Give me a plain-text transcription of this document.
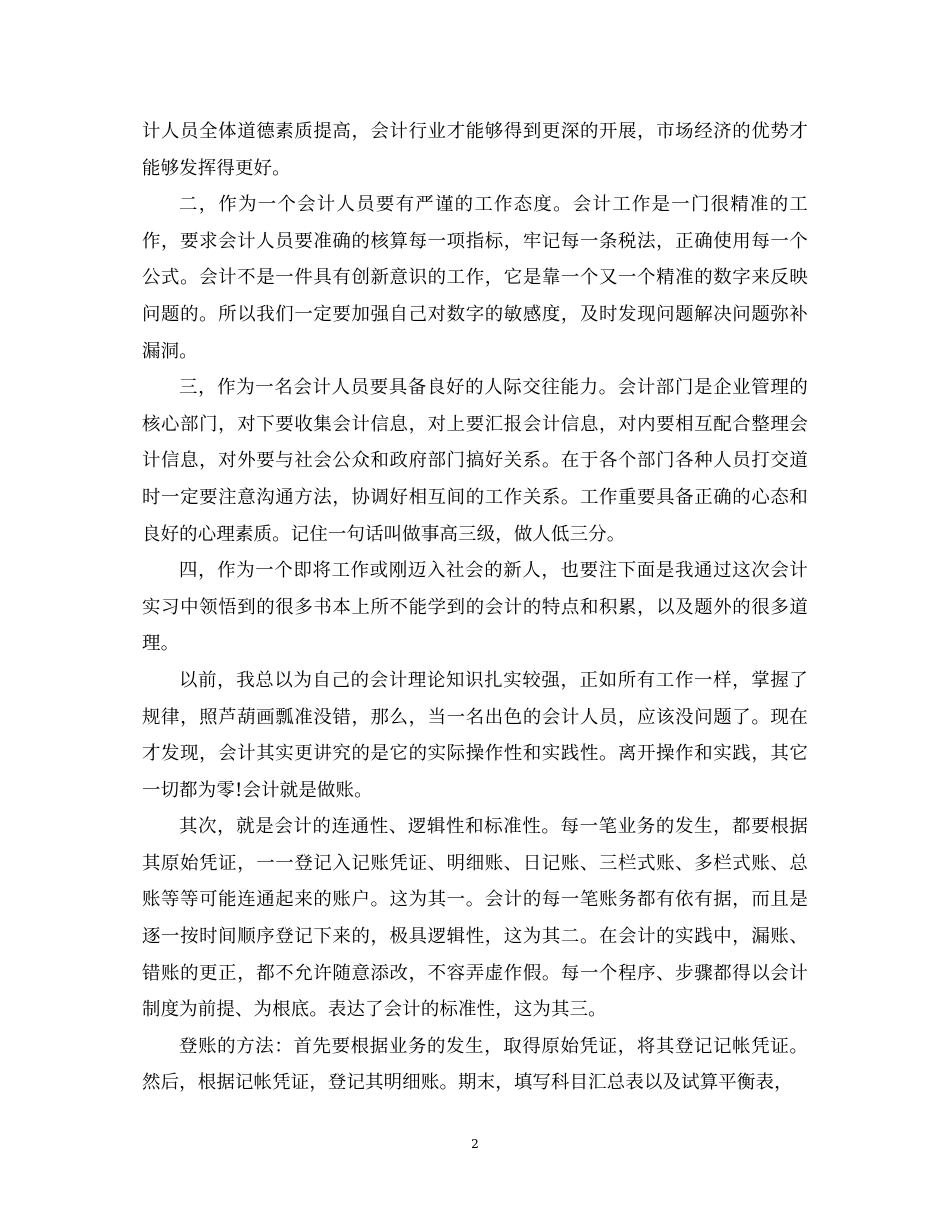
计人员全体道德素质提高，会计行业才能够得到更深的开展，市场经济的优势才能够发挥得更好。

二，作为一个会计人员要有严谨的工作态度。会计工作是一门很精准的工作，要求会计人员要准确的核算每一项指标，牢记每一条税法，正确使用每一个公式。会计不是一件具有创新意识的工作，它是靠一个又一个精准的数字来反映问题的。所以我们一定要加强自己对数字的敏感度，及时发现问题解决问题弥补漏洞。

三，作为一名会计人员要具备良好的人际交往能力。会计部门是企业管理的核心部门，对下要收集会计信息，对上要汇报会计信息，对内要相互配合整理会计信息，对外要与社会公众和政府部门搞好关系。在于各个部门各种人员打交道时一定要注意沟通方法，协调好相互间的工作关系。工作重要具备正确的心态和良好的心理素质。记住一句话叫做事高三级，做人低三分。

四，作为一个即将工作或刚迈入社会的新人，也要注下面是我通过这次会计实习中领悟到的很多书本上所不能学到的会计的特点和积累，以及题外的很多道理。

以前，我总以为自己的会计理论知识扎实较强，正如所有工作一样，掌握了规律，照芦葫画瓢准没错，那么，当一名出色的会计人员，应该没问题了。现在才发现，会计其实更讲究的是它的实际操作性和实践性。离开操作和实践，其它一切都为零!会计就是做账。

其次，就是会计的连通性、逻辑性和标准性。每一笔业务的发生，都要根据其原始凭证，一一登记入记账凭证、明细账、日记账、三栏式账、多栏式账、总账等等可能连通起来的账户。这为其一。会计的每一笔账务都有依有据，而且是逐一按时间顺序登记下来的，极具逻辑性，这为其二。在会计的实践中，漏账、错账的更正，都不允许随意添改，不容弄虚作假。每一个程序、步骤都得以会计制度为前提、为根底。表达了会计的标准性，这为其三。

登账的方法：首先要根据业务的发生，取得原始凭证，将其登记记帐凭证。然后，根据记帐凭证，登记其明细账。期末，填写科目汇总表以及试算平衡表，

2
